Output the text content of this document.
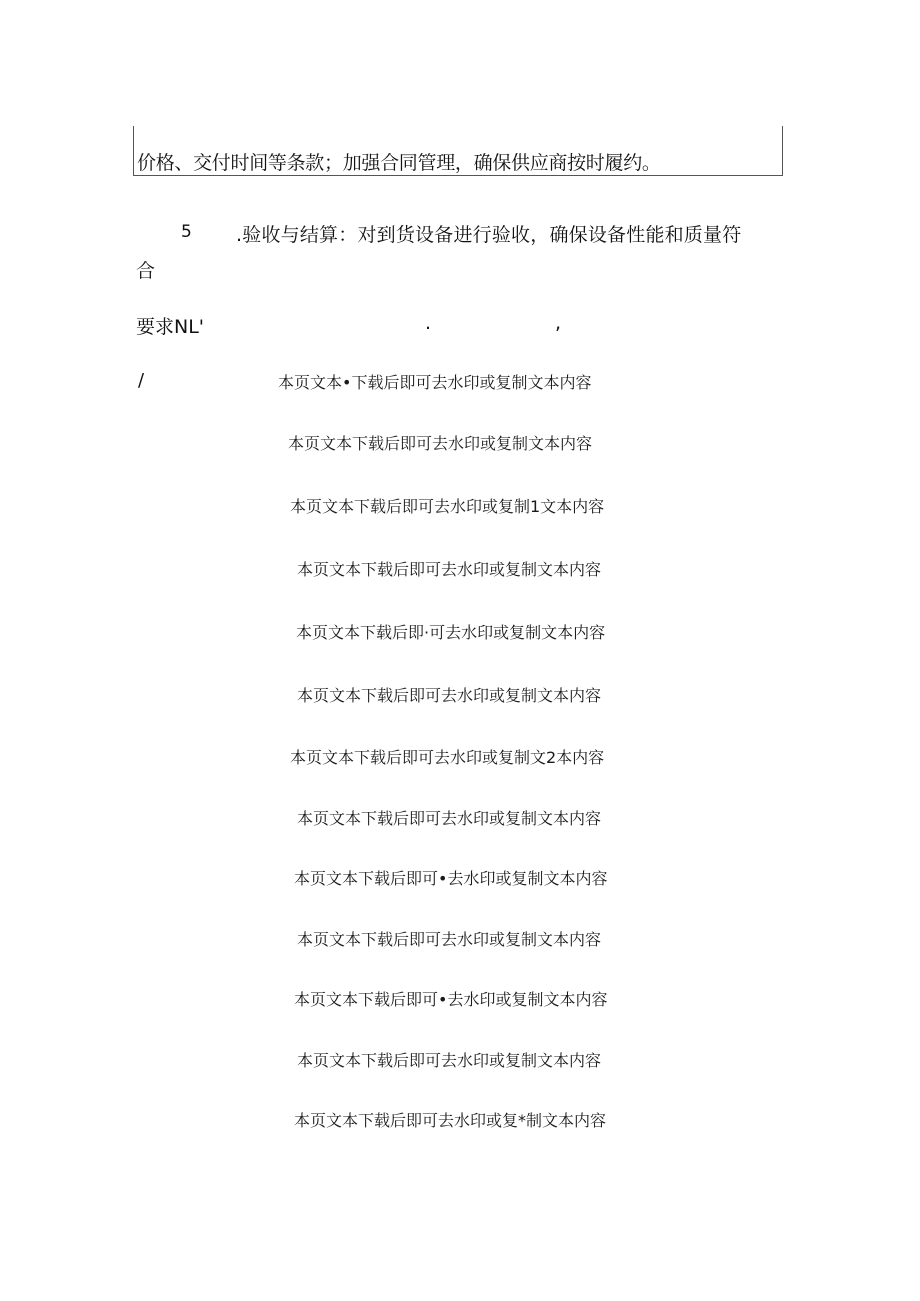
价格、交付时间等条款；加强合同管理，确保供应商按时履约。
5 .验收与结算：对到货设备进行验收，确保设备性能和质量符
合
要求NL'	.	,
/	本页文本•下载后即可去水印或复制文本内容
本页文本下载后即可去水印或复制文本内容
本页文本下载后即可去水印或复制1文本内容
本页文本下载后即可去水印或复制文本内容
本页文本下载后即·可去水印或复制文本内容
本页文本下载后即可去水印或复制文本内容
本页文本下载后即可去水印或复制文2本内容
本页文本下载后即可去水印或复制文本内容
本页文本下载后即可•去水印或复制文本内容
本页文本下载后即可去水印或复制文本内容
本页文本下载后即可•去水印或复制文本内容
本页文本下载后即可去水印或复制文本内容
本页文本下载后即可去水印或复*制文本内容
